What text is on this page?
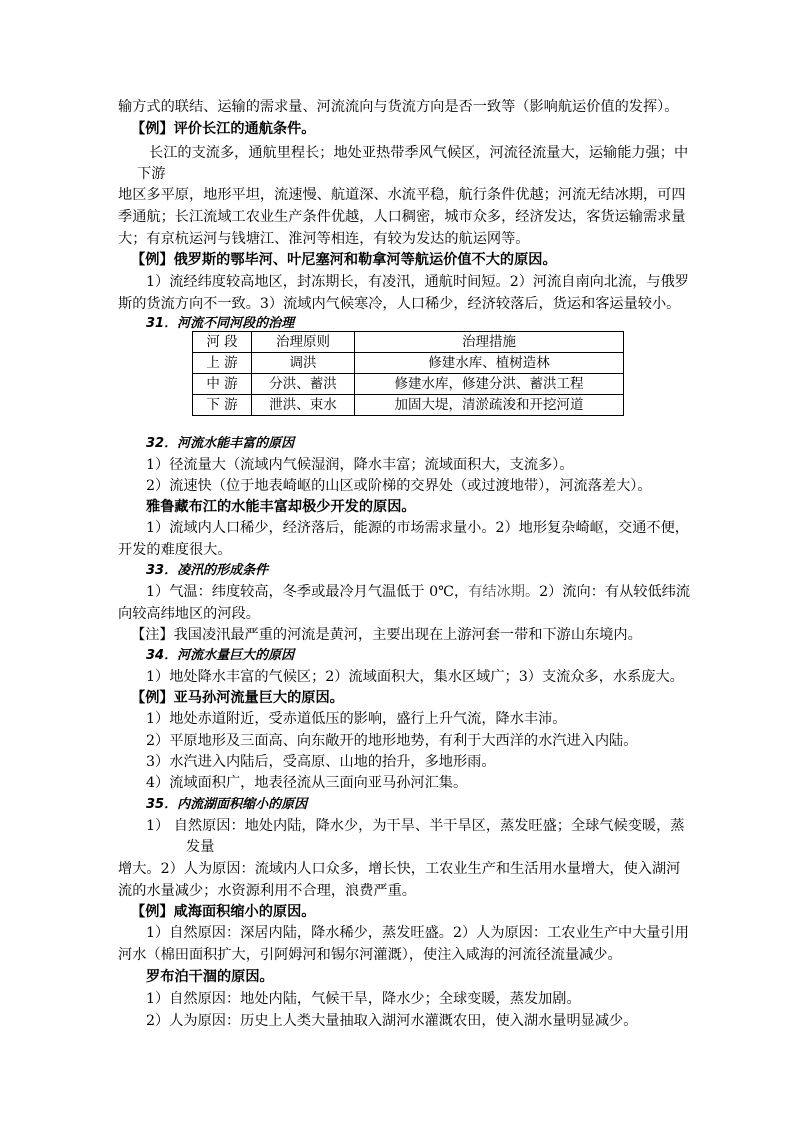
输方式的联结、运输的需求量、河流流向与货流方向是否一致等（影响航运价值的发挥）。
【例】评价长江的通航条件。
长江的支流多，通航里程长；地处亚热带季风气候区，河流径流量大，运输能力强；中
下游
地区多平原，地形平坦，流速慢、航道深、水流平稳，航行条件优越；河流无结冰期，可四
季通航；长江流域工农业生产条件优越，人口稠密，城市众多，经济发达，客货运输需求量
大；有京杭运河与钱塘江、淮河等相连，有较为发达的航运网等。
【例】俄罗斯的鄂毕河、叶尼塞河和勒拿河等航运价值不大的原因。
1）流经纬度较高地区，封冻期长，有凌汛，通航时间短。2）河流自南向北流，与俄罗
斯的货流方向不一致。3）流域内气候寒冷，人口稀少，经济较落后，货运和客运量较小。
31．河流不同河段的治理
河 段	治理原则	治理措施
上 游	调洪	修建水库、植树造林
中 游	分洪、蓄洪	修建水库，修建分洪、蓄洪工程
下 游	泄洪、束水	加固大堤，清淤疏浚和开挖河道
32．河流水能丰富的原因
1）径流量大（流域内气候湿润，降水丰富；流域面积大，支流多）。
2）流速快（位于地表崎岖的山区或阶梯的交界处（或过渡地带），河流落差大）。
雅鲁藏布江的水能丰富却极少开发的原因。
1）流域内人口稀少，经济落后，能源的市场需求量小。2）地形复杂崎岖，交通不便，
开发的难度很大。
33．凌汛的形成条件
1）气温：纬度较高，冬季或最冷月气温低于 0℃，有结冰期。2）流向：有从较低纬流
向较高纬地区的河段。
【注】我国凌汛最严重的河流是黄河，主要出现在上游河套一带和下游山东境内。
34．河流水量巨大的原因
1）地处降水丰富的气候区；2）流域面积大，集水区域广；3）支流众多，水系庞大。
【例】亚马孙河流量巨大的原因。
1）地处赤道附近，受赤道低压的影响，盛行上升气流，降水丰沛。
2）平原地形及三面高、向东敞开的地形地势，有利于大西洋的水汽进入内陆。
3）水汽进入内陆后，受高原、山地的抬升，多地形雨。
4）流域面积广，地表径流从三面向亚马孙河汇集。
35．内流湖面积缩小的原因
1） 自然原因：地处内陆，降水少，为干旱、半干旱区，蒸发旺盛；全球气候变暖，蒸
发量
增大。2）人为原因：流域内人口众多，增长快，工农业生产和生活用水量增大，使入湖河
流的水量减少；水资源利用不合理，浪费严重。
【例】咸海面积缩小的原因。
1）自然原因：深居内陆，降水稀少，蒸发旺盛。2）人为原因：工农业生产中大量引用
河水（棉田面积扩大，引阿姆河和锡尔河灌溉），使注入咸海的河流径流量减少。
罗布泊干涸的原因。
1）自然原因：地处内陆，气候干旱，降水少；全球变暖，蒸发加剧。
2）人为原因：历史上人类大量抽取入湖河水灌溉农田，使入湖水量明显减少。
